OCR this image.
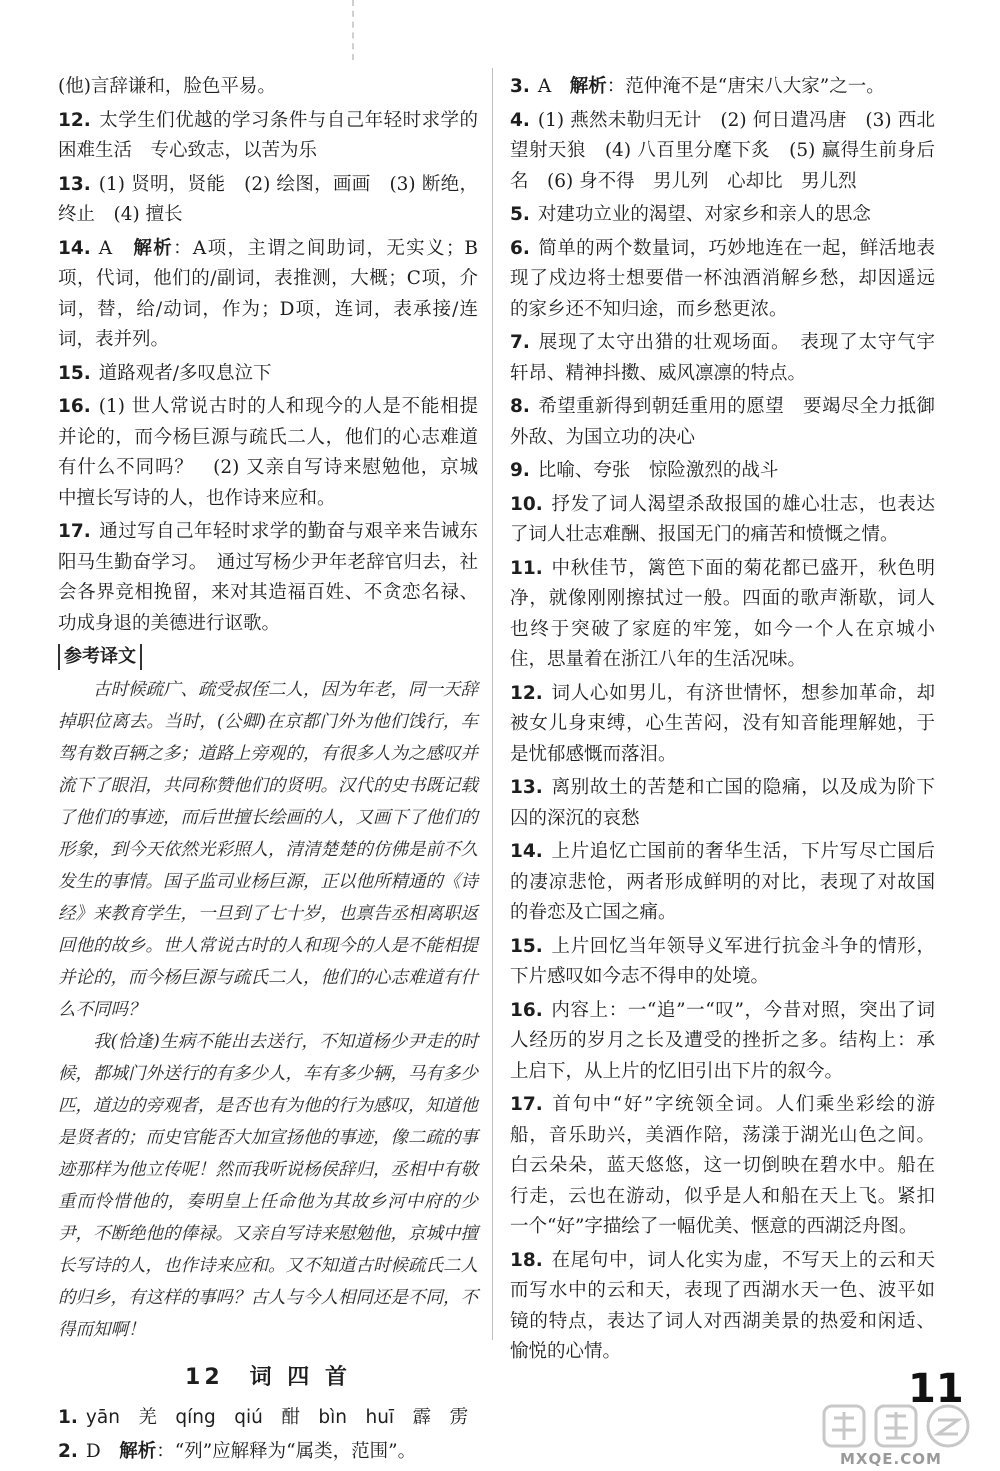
(他)言辞谦和，脸色平易。

12. 太学生们优越的学习条件与自己年轻时求学的困难生活　专心致志，以苦为乐

13. (1) 贤明，贤能　(2) 绘图，画画　(3) 断绝，终止　(4) 擅长

14. A　解析：A项，主谓之间助词，无实义；B项，代词，他们的/副词，表推测，大概；C项，介词，替，给/动词，作为；D项，连词，表承接/连词，表并列。

15. 道路观者/多叹息泣下

16. (1) 世人常说古时的人和现今的人是不能相提并论的，而今杨巨源与疏氏二人，他们的心志难道有什么不同吗？　(2) 又亲自写诗来慰勉他，京城中擅长写诗的人，也作诗来应和。

17. 通过写自己年轻时求学的勤奋与艰辛来告诫东阳马生勤奋学习。　通过写杨少尹年老辞官归去，社会各界竞相挽留，来对其造福百姓、不贪恋名禄、功成身退的美德进行讴歌。

参考译文

古时候疏广、疏受叔侄二人，因为年老，同一天辞掉职位离去。当时，(公卿)在京都门外为他们饯行，车驾有数百辆之多；道路上旁观的，有很多人为之感叹并流下了眼泪，共同称赞他们的贤明。汉代的史书既记载了他们的事迹，而后世擅长绘画的人，又画下了他们的形象，到今天依然光彩照人，清清楚楚的仿佛是前不久发生的事情。国子监司业杨巨源，正以他所精通的《诗经》来教育学生，一旦到了七十岁，也禀告丞相离职返回他的故乡。世人常说古时的人和现今的人是不能相提并论的，而今杨巨源与疏氏二人，他们的心志难道有什么不同吗？

我(恰逢)生病不能出去送行，不知道杨少尹走的时候，都城门外送行的有多少人，车有多少辆，马有多少匹，道边的旁观者，是否也有为他的行为感叹，知道他是贤者的；而史官能否大加宣扬他的事迹，像二疏的事迹那样为他立传呢！然而我听说杨侯辞归，丞相中有敬重而怜惜他的，奏明皇上任命他为其故乡河中府的少尹，不断绝他的俸禄。又亲自写诗来慰勉他，京城中擅长写诗的人，也作诗来应和。又不知道古时候疏氏二人的归乡，有这样的事吗？古人与今人相同还是不同，不得而知啊！

12　词 四 首

1. yān　羌　qíng　qiú　酣　bìn　huī　霹　雳

2. D　解析：“列”应解释为“属类，范围”。

3. A　解析：范仲淹不是“唐宋八大家”之一。

4. (1) 燕然未勒归无计　(2) 何日遣冯唐　(3) 西北望射天狼　(4) 八百里分麾下炙　(5) 赢得生前身后名　(6) 身不得　男儿列　心却比　男儿烈

5. 对建功立业的渴望、对家乡和亲人的思念

6. 简单的两个数量词，巧妙地连在一起，鲜活地表现了戍边将士想要借一杯浊酒消解乡愁，却因遥远的家乡还不知归途，而乡愁更浓。

7. 展现了太守出猎的壮观场面。　表现了太守气宇轩昂、精神抖擞、威风凛凛的特点。

8. 希望重新得到朝廷重用的愿望　要竭尽全力抵御外敌、为国立功的决心

9. 比喻、夸张　惊险激烈的战斗

10. 抒发了词人渴望杀敌报国的雄心壮志，也表达了词人壮志难酬、报国无门的痛苦和愤慨之情。

11. 中秋佳节，篱笆下面的菊花都已盛开，秋色明净，就像刚刚擦拭过一般。四面的歌声渐歇，词人也终于突破了家庭的牢笼，如今一个人在京城小住，思量着在浙江八年的生活况味。

12. 词人心如男儿，有济世情怀，想参加革命，却被女儿身束缚，心生苦闷，没有知音能理解她，于是忧郁感慨而落泪。

13. 离别故土的苦楚和亡国的隐痛，以及成为阶下囚的深沉的哀愁

14. 上片追忆亡国前的奢华生活，下片写尽亡国后的凄凉悲怆，两者形成鲜明的对比，表现了对故国的眷恋及亡国之痛。

15. 上片回忆当年领导义军进行抗金斗争的情形，下片感叹如今志不得申的处境。

16. 内容上：一“追”一“叹”，今昔对照，突出了词人经历的岁月之长及遭受的挫折之多。结构上：承上启下，从上片的忆旧引出下片的叙今。

17. 首句中“好”字统领全词。人们乘坐彩绘的游船，音乐助兴，美酒作陪，荡漾于湖光山色之间。白云朵朵，蓝天悠悠，这一切倒映在碧水中。船在行走，云也在游动，似乎是人和船在天上飞。紧扣一个“好”字描绘了一幅优美、惬意的西湖泛舟图。

18. 在尾句中，词人化实为虚，不写天上的云和天而写水中的云和天，表现了西湖水天一色、波平如镜的特点，表达了词人对西湖美景的热爱和闲适、愉悦的心情。

11
MXQE.COM
